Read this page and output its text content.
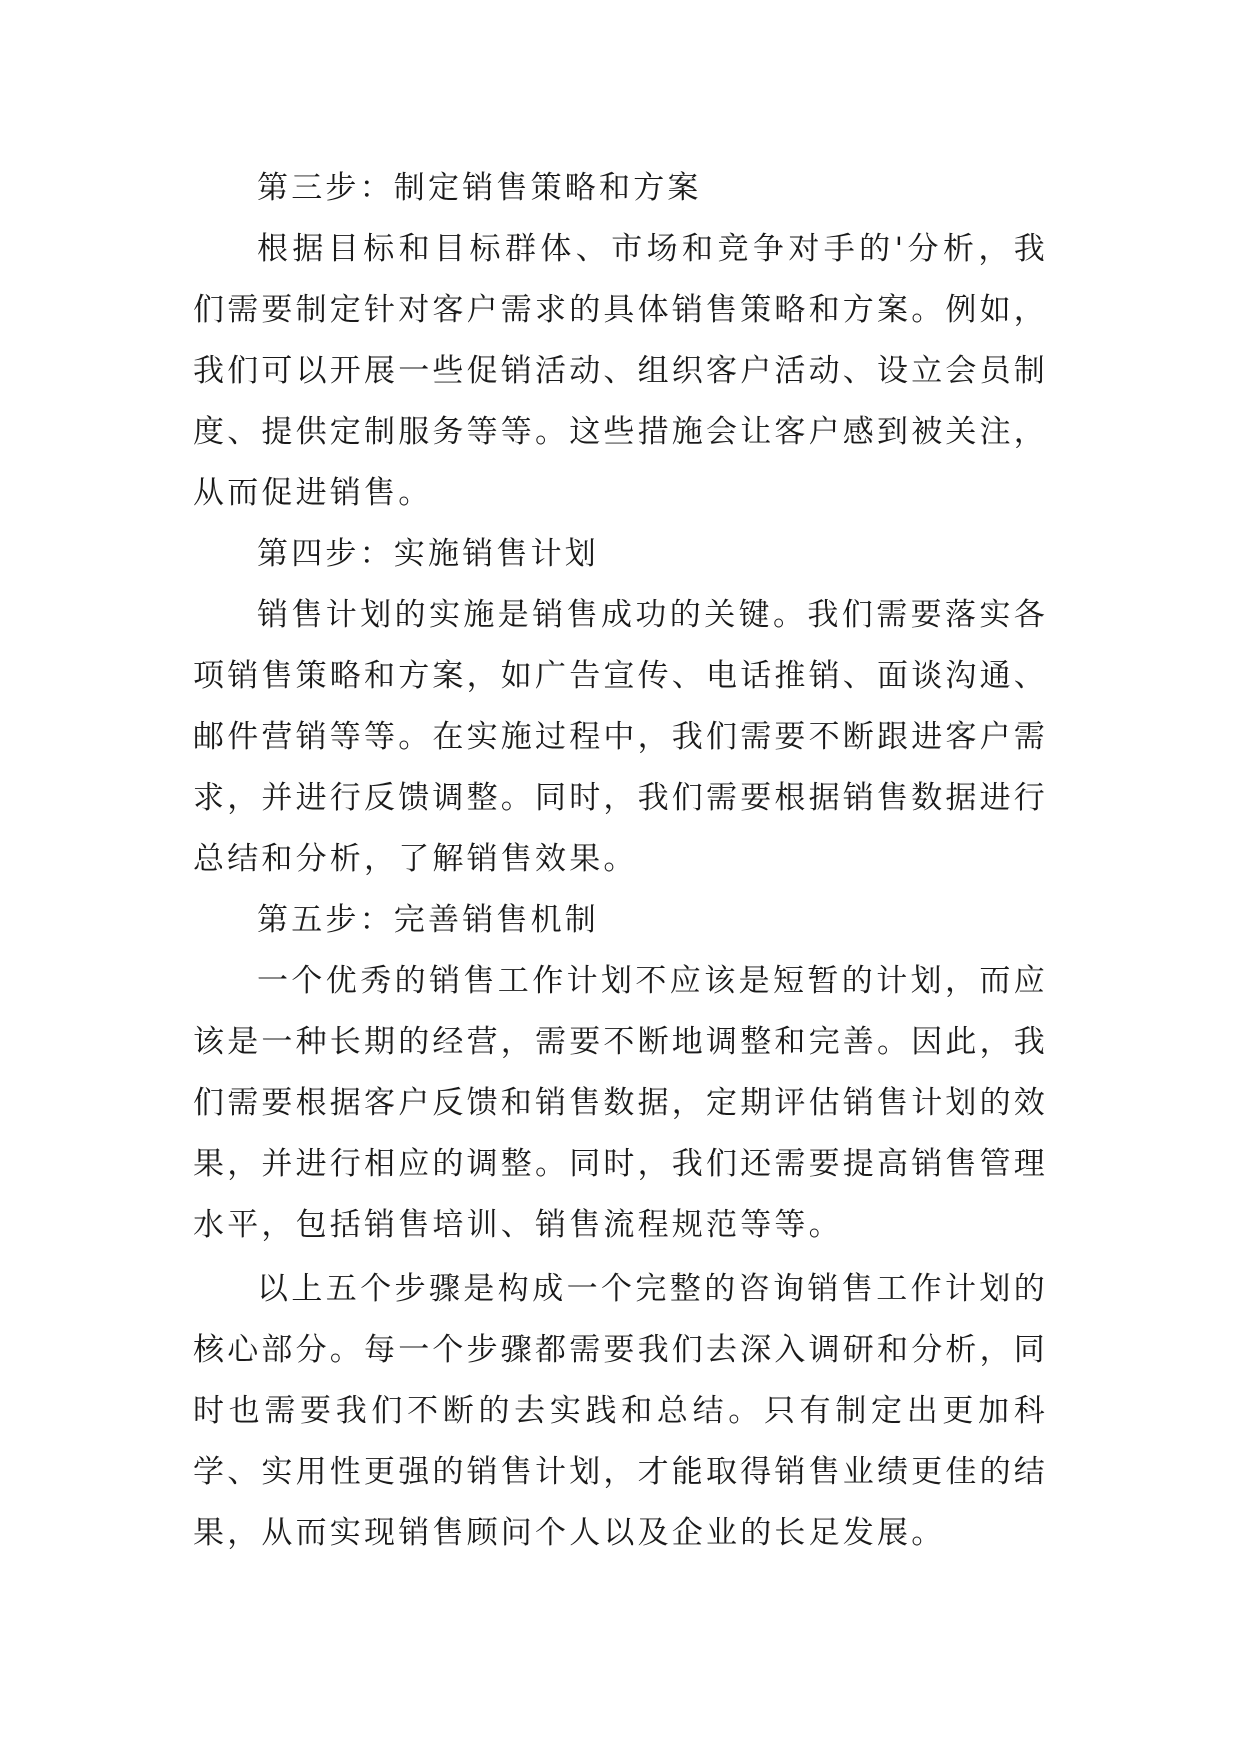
第三步：制定销售策略和方案

根据目标和目标群体、市场和竞争对手的'分析，我们需要制定针对客户需求的具体销售策略和方案。例如，我们可以开展一些促销活动、组织客户活动、设立会员制度、提供定制服务等等。这些措施会让客户感到被关注，从而促进销售。

第四步：实施销售计划

销售计划的实施是销售成功的关键。我们需要落实各项销售策略和方案，如广告宣传、电话推销、面谈沟通、邮件营销等等。在实施过程中，我们需要不断跟进客户需求，并进行反馈调整。同时，我们需要根据销售数据进行总结和分析，了解销售效果。

第五步：完善销售机制

一个优秀的销售工作计划不应该是短暂的计划，而应该是一种长期的经营，需要不断地调整和完善。因此，我们需要根据客户反馈和销售数据，定期评估销售计划的效果，并进行相应的调整。同时，我们还需要提高销售管理水平，包括销售培训、销售流程规范等等。

以上五个步骤是构成一个完整的咨询销售工作计划的核心部分。每一个步骤都需要我们去深入调研和分析，同时也需要我们不断的去实践和总结。只有制定出更加科学、实用性更强的销售计划，才能取得销售业绩更佳的结果，从而实现销售顾问个人以及企业的长足发展。
